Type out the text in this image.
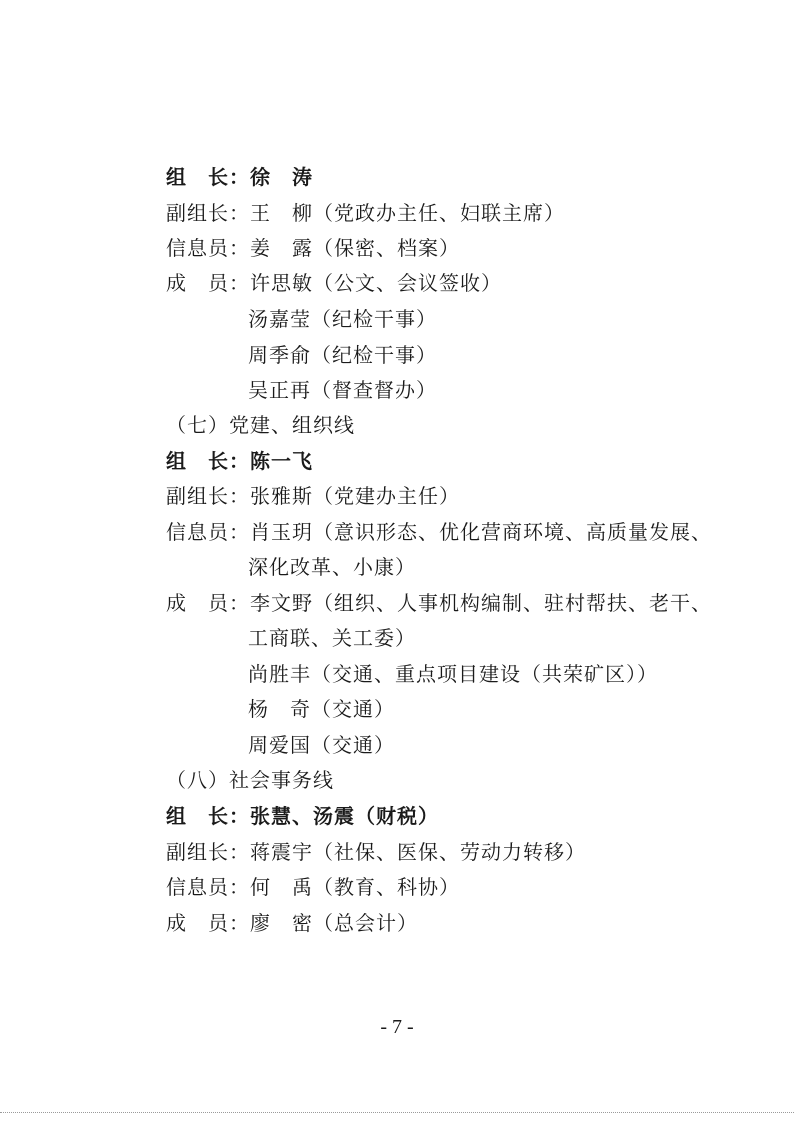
组　长：徐　涛
副组长：王　柳（党政办主任、妇联主席）
信息员：姜　露（保密、档案）
成　员：许思敏（公文、会议签收）
汤嘉莹（纪检干事）
周季俞（纪检干事）
吴正再（督查督办）
（七）党建、组织线
组　长：陈一飞
副组长：张雅斯（党建办主任）
信息员：肖玉玥（意识形态、优化营商环境、高质量发展、
深化改革、小康）
成　员：李文野（组织、人事机构编制、驻村帮扶、老干、
工商联、关工委）
尚胜丰（交通、重点项目建设（共荣矿区））
杨　奇（交通）
周爱国（交通）
（八）社会事务线
组　长：张慧、汤震（财税）
副组长：蒋震宇（社保、医保、劳动力转移）
信息员：何　禹（教育、科协）
成　员：廖　密（总会计）
- 7 -
